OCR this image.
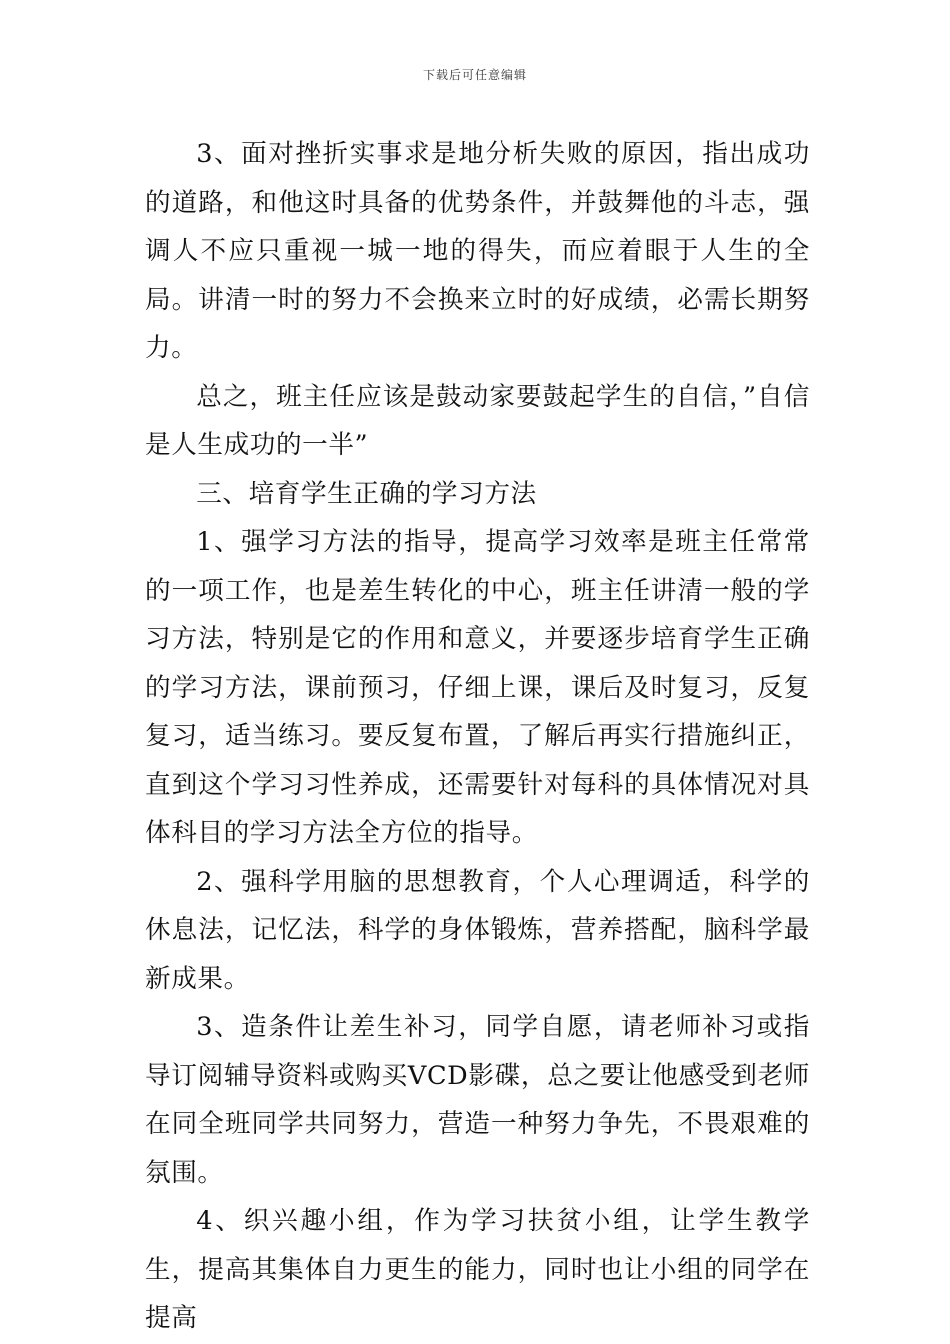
下载后可任意编辑

3、面对挫折实事求是地分析失败的原因，指出成功的道路，和他这时具备的优势条件，并鼓舞他的斗志，强调人不应只重视一城一地的得失，而应着眼于人生的全局。讲清一时的努力不会换来立时的好成绩，必需长期努力。

总之，班主任应该是鼓动家要鼓起学生的自信，”自信是人生成功的一半”

三、培育学生正确的学习方法

1、强学习方法的指导，提高学习效率是班主任常常的一项工作，也是差生转化的中心，班主任讲清一般的学习方法，特别是它的作用和意义，并要逐步培育学生正确的学习方法，课前预习，仔细上课，课后及时复习，反复复习，适当练习。要反复布置，了解后再实行措施纠正，直到这个学习习性养成，还需要针对每科的具体情况对具体科目的学习方法全方位的指导。

2、强科学用脑的思想教育，个人心理调适，科学的休息法，记忆法，科学的身体锻炼，营养搭配，脑科学最新成果。

3、造条件让差生补习，同学自愿，请老师补习或指导订阅辅导资料或购买VCD影碟，总之要让他感受到老师在同全班同学共同努力，营造一种努力争先，不畏艰难的氛围。

4、织兴趣小组，作为学习扶贫小组，让学生教学生，提高其集体自力更生的能力，同时也让小组的同学在提高
